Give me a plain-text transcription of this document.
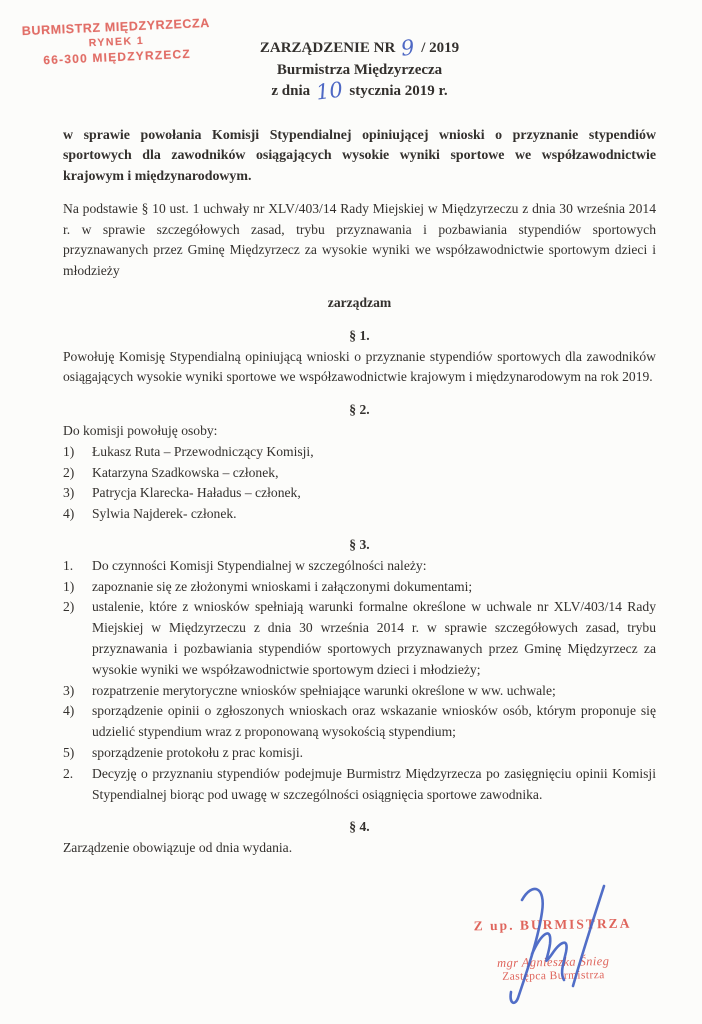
BURMISTRZ MIĘDZYRZECZA
RYNEK 1
66-300 MIĘDZYRZECZ	ZARZĄDZENIE NR 9 / 2019
Burmistrza Międzyrzecza
z dnia 10 stycznia 2019 r.

w sprawie powołania Komisji Stypendialnej opiniującej wnioski o przyznanie stypendiów sportowych dla zawodników osiągających wysokie wyniki sportowe we współzawodnictwie krajowym i międzynarodowym.

Na podstawie § 10 ust. 1 uchwały nr XLV/403/14 Rady Miejskiej w Międzyrzeczu z dnia 30 września 2014 r. w sprawie szczegółowych zasad, trybu przyznawania i pozbawiania stypendiów sportowych przyznawanych przez Gminę Międzyrzecz za wysokie wyniki we współzawodnictwie sportowym dzieci i młodzieży

zarządzam
§ 1.

Powołuję Komisję Stypendialną opiniującą wnioski o przyznanie stypendiów sportowych dla zawodników osiągających wysokie wyniki sportowe we współzawodnictwie krajowym i międzynarodowym na rok 2019.

§ 2.
Do komisji powołuję osoby:
1)	Łukasz Ruta – Przewodniczący Komisji,
2)	Katarzyna Szadkowska – członek,
3)	Patrycja Klarecka- Haładus – członek,
4)	Sylwia Najderek- członek.
§ 3.
1.	Do czynności Komisji Stypendialnej w szczególności należy:
1)	zapoznanie się ze złożonymi wnioskami i załączonymi dokumentami;
2)	ustalenie, które z wniosków spełniają warunki formalne określone w uchwale nr XLV/403/14 Rady Miejskiej w Międzyrzeczu z dnia 30 września 2014 r. w sprawie szczegółowych zasad, trybu przyznawania i pozbawiania stypendiów sportowych przyznawanych przez Gminę Międzyrzecz za wysokie wyniki we współzawodnictwie sportowym dzieci i młodzieży;
3)	rozpatrzenie merytoryczne wniosków spełniające warunki określone w ww. uchwale;
4)	sporządzenie opinii o zgłoszonych wnioskach oraz wskazanie wniosków osób, którym proponuje się udzielić stypendium wraz z proponowaną wysokością stypendium;
5)	sporządzenie protokołu z prac komisji.
2.	Decyzję o przyznaniu stypendiów podejmuje Burmistrz Międzyrzecza po zasięgnięciu opinii Komisji Stypendialnej biorąc pod uwagę w szczególności osiągnięcia sportowe zawodnika.
§ 4.
Zarządzenie obowiązuje od dnia wydania.
Z up. BURMISTRZA
mgr Agnieszka Śnieg
Zastępca Burmistrza
